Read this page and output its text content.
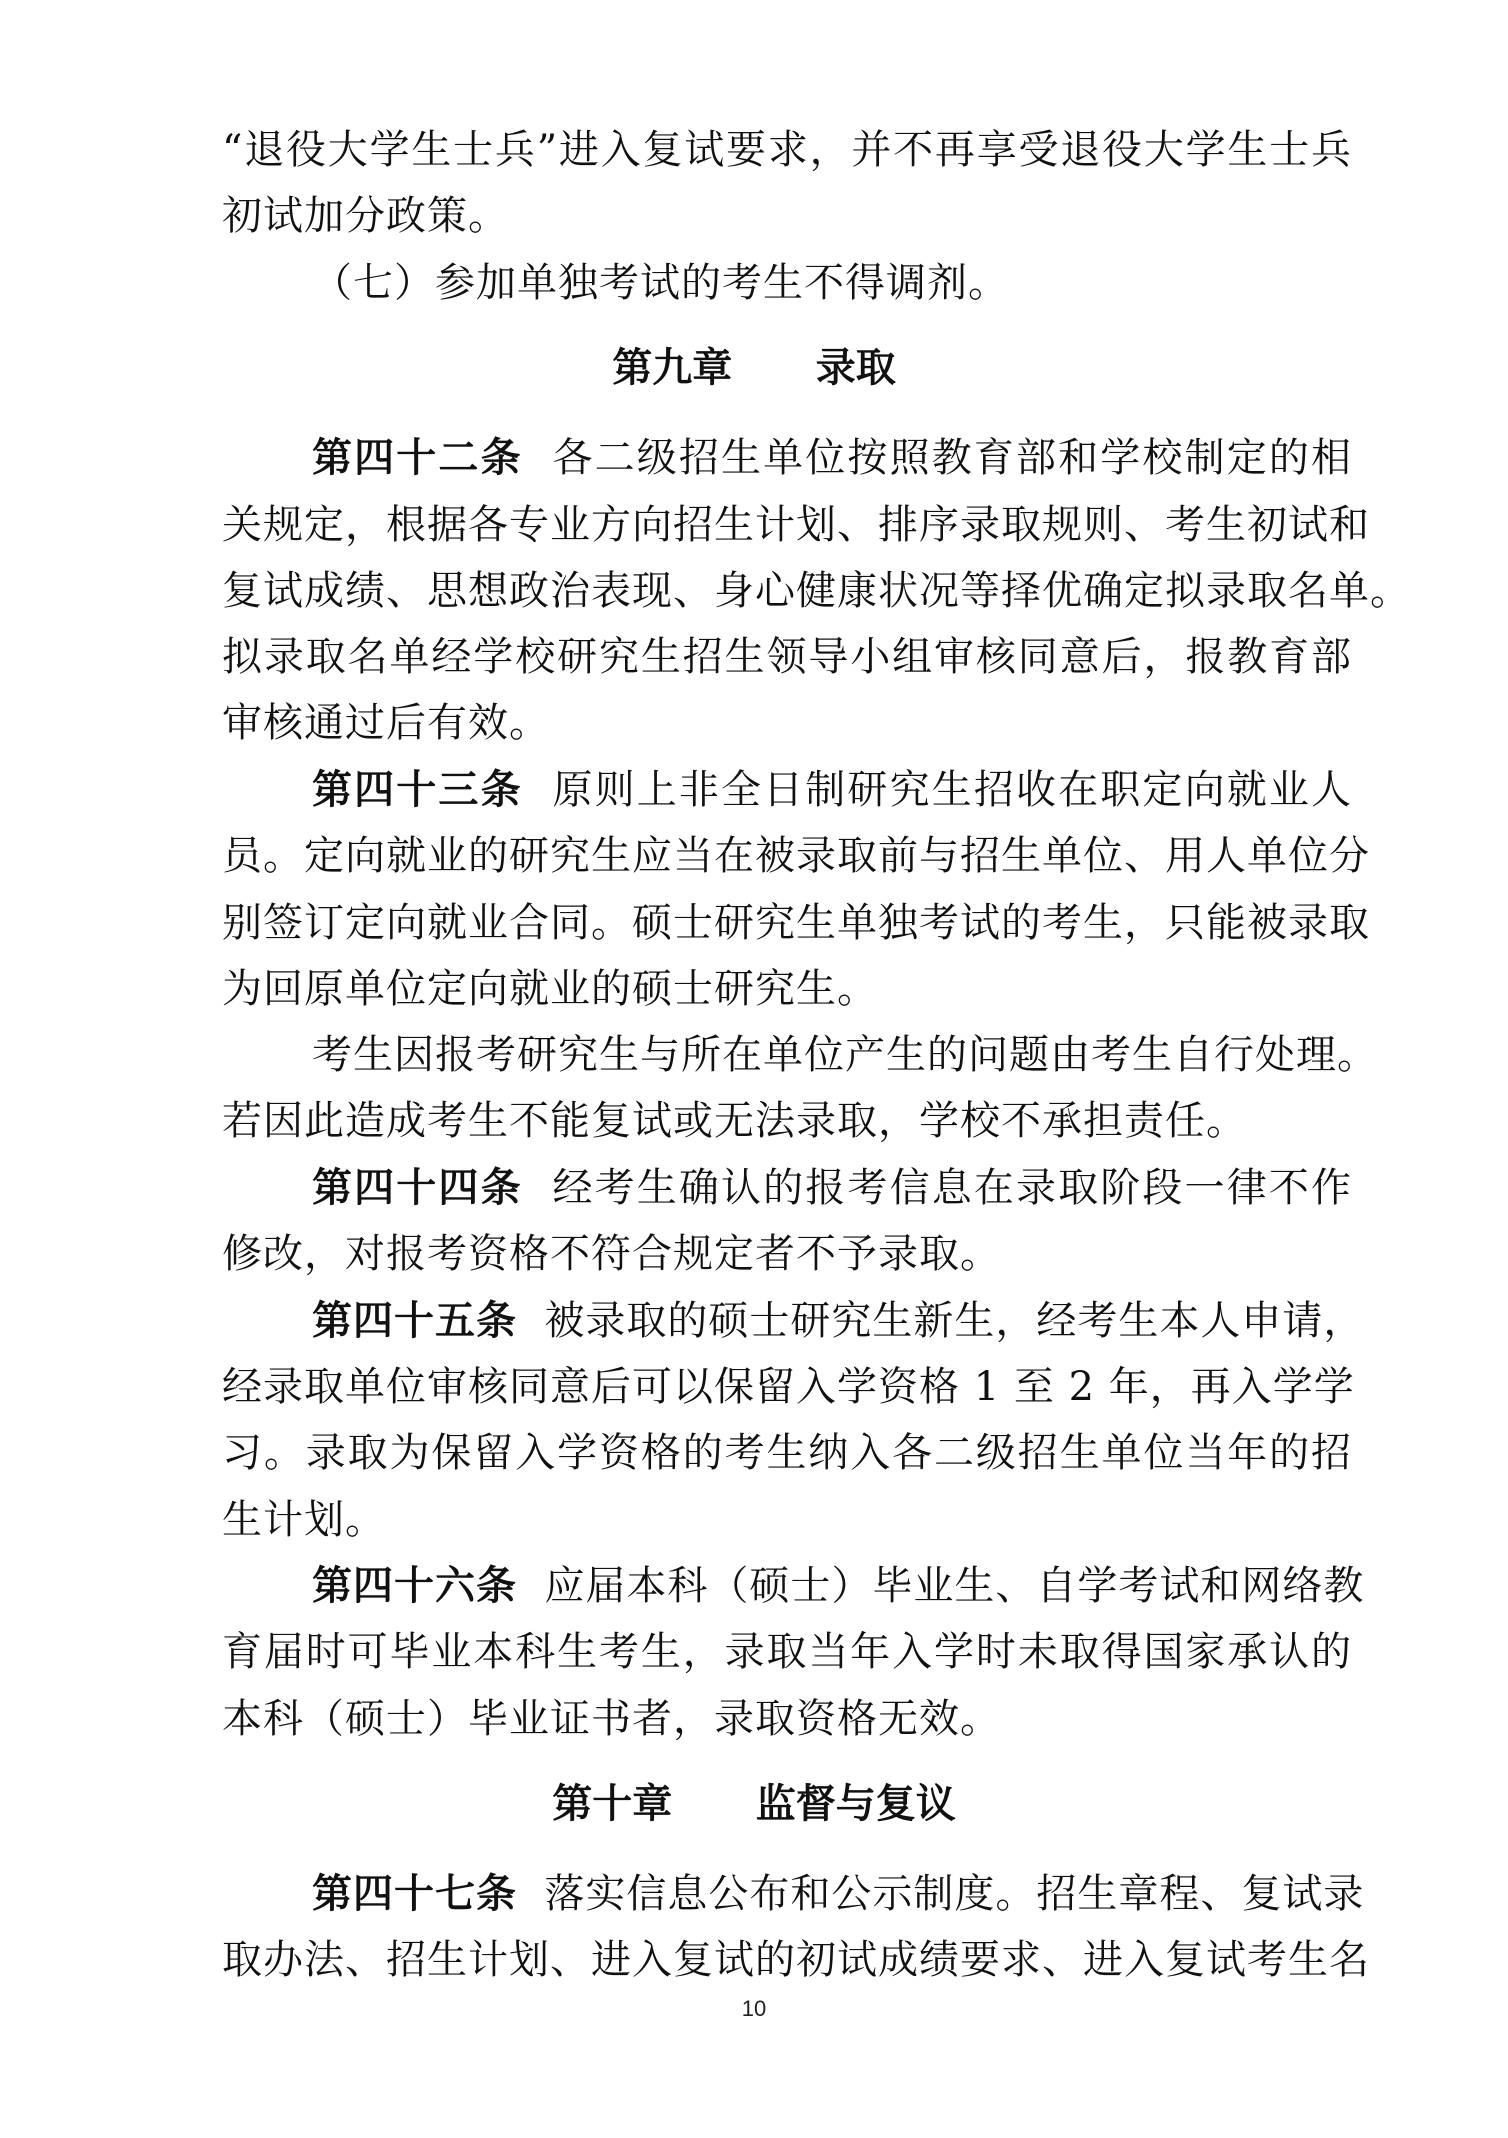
“退役大学生士兵”进入复试要求，并不再享受退役大学生士兵
初试加分政策。
（七）参加单独考试的考生不得调剂。
第九章 录取
第四十二条 各二级招生单位按照教育部和学校制定的相
关规定，根据各专业方向招生计划、排序录取规则、考生初试和
复试成绩、思想政治表现、身心健康状况等择优确定拟录取名单。
拟录取名单经学校研究生招生领导小组审核同意后，报教育部
审核通过后有效。
第四十三条 原则上非全日制研究生招收在职定向就业人
员。定向就业的研究生应当在被录取前与招生单位、用人单位分
别签订定向就业合同。硕士研究生单独考试的考生，只能被录取
为回原单位定向就业的硕士研究生。
考生因报考研究生与所在单位产生的问题由考生自行处理。
若因此造成考生不能复试或无法录取，学校不承担责任。
第四十四条 经考生确认的报考信息在录取阶段一律不作
修改，对报考资格不符合规定者不予录取。
第四十五条 被录取的硕士研究生新生，经考生本人申请，
经录取单位审核同意后可以保留入学资格 1 至 2 年，再入学学
习。录取为保留入学资格的考生纳入各二级招生单位当年的招
生计划。
第四十六条 应届本科（硕士）毕业生、自学考试和网络教
育届时可毕业本科生考生，录取当年入学时未取得国家承认的
本科（硕士）毕业证书者，录取资格无效。
第十章 监督与复议
第四十七条 落实信息公布和公示制度。招生章程、复试录
取办法、招生计划、进入复试的初试成绩要求、进入复试考生名
10
